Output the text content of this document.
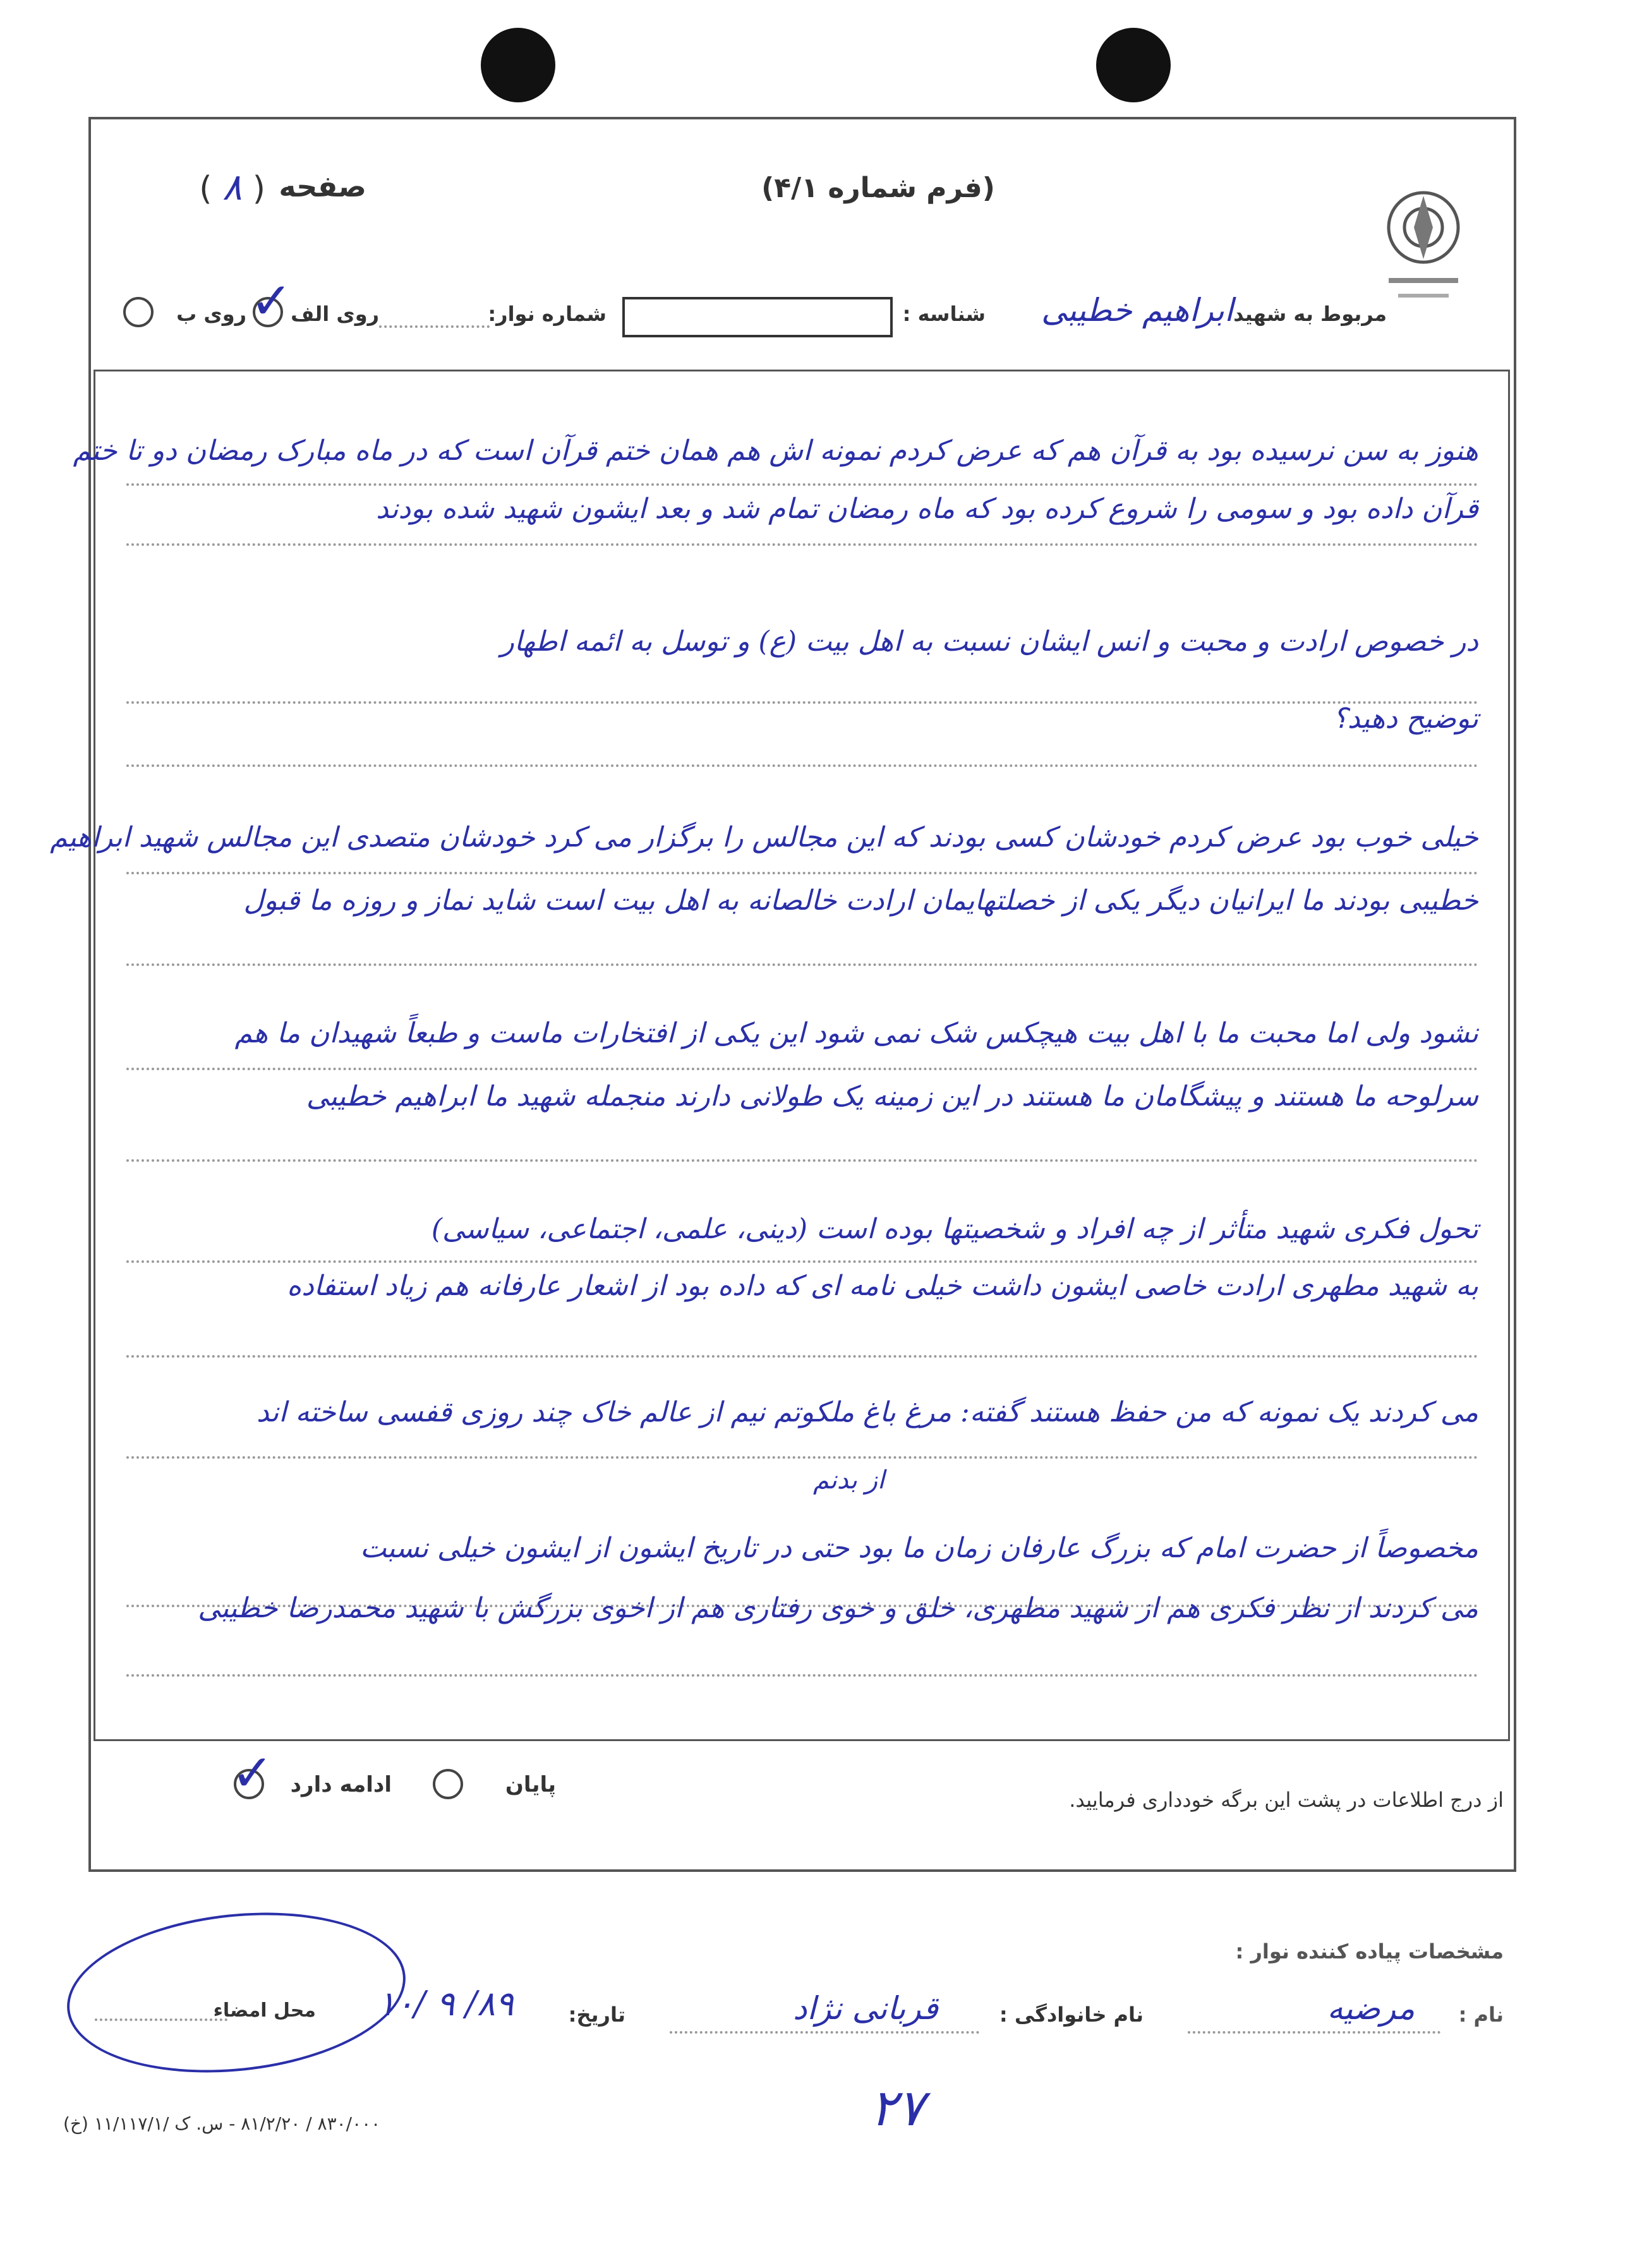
(فرم شماره ۴/۱)
صفحه
( ۸ )
مربوط به شهید
ابراهیم خطیبی
شناسه :
شماره نوار:
روی الف
✓
روی ب
هنوز به سن نرسیده بود به قرآن هم که عرض کردم نمونه اش هم همان ختم قرآن است که در ماه مبارک رمضان دو تا ختم
قرآن داده بود و سومی را شروع کرده بود که ماه رمضان تمام شد و بعد ایشون شهید شده بودند
در خصوص ارادت و محبت و انس ایشان نسبت به اهل بیت (ع) و توسل به ائمه اطهار
توضیح دهید؟
خیلی خوب بود عرض کردم خودشان کسی بودند که این مجالس را برگزار می کرد خودشان متصدی این مجالس شهید ابراهیم
خطیبی بودند ما ایرانیان دیگر یکی از خصلتهایمان ارادت خالصانه به اهل بیت است شاید نماز و روزه ما قبول
نشود ولی اما محبت ما با اهل بیت هیچکس شک نمی شود این یکی از افتخارات ماست و طبعاً شهیدان ما هم
سرلوحه ما هستند و پیشگامان ما هستند در این زمینه یک طولانی دارند منجمله شهید ما ابراهیم خطیبی
تحول فکری شهید متأثر از چه افراد و شخصیتها بوده است (دینی، علمی، اجتماعی، سیاسی)
به شهید مطهری ارادت خاصی ایشون داشت خیلی نامه ای که داده بود از اشعار عارفانه هم زیاد استفاده
می کردند یک نمونه که من حفظ هستند گفته: مرغ باغ ملکوتم نیم از عالم خاک چند روزی قفسی ساخته اند
از بدنم
مخصوصاً از حضرت امام که بزرگ عارفان زمان ما بود حتی در تاریخ ایشون از ایشون خیلی نسبت
می کردند از نظر فکری هم از شهید مطهری، خلق و خوی رفتاری هم از اخوی بزرگش با شهید محمدرضا خطیبی
از درج اطلاعات در پشت این برگه خودداری فرمایید.
پایان
ادامه دارد
✓
مشخصات پیاده کننده نوار :
نام :
مرضیه
نام خانوادگی :
قربانی نژاد
تاریخ:
۸۹/ ۹ /۱۰
محل امضاء
۲۷
(خ) ۸۳۰/۰۰۰ / ۸۱/۲/۲۰ - س. ک /۱۱/۱۱۷/۱
